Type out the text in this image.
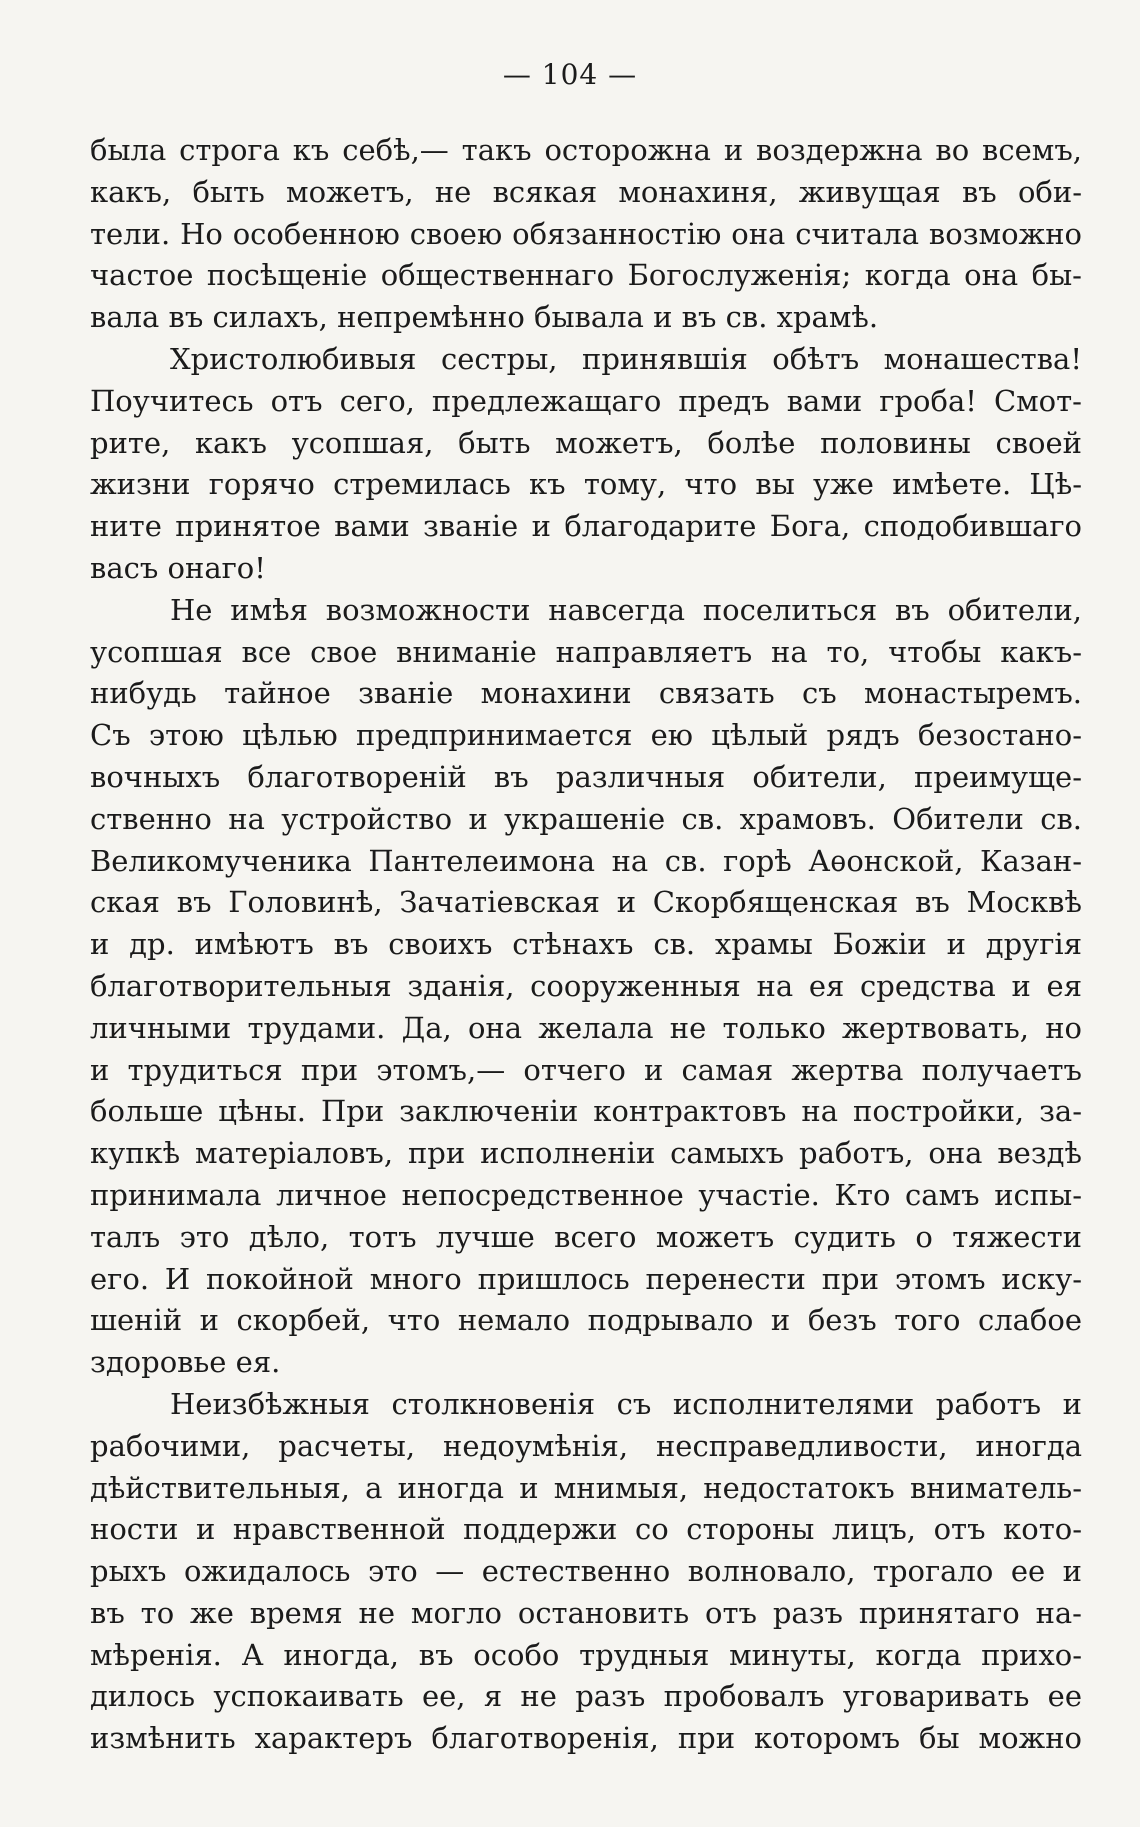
— 104 —
была строга къ себѣ,— такъ осторожна и воздержна во всемъ,
какъ, быть можетъ, не всякая монахиня, живущая въ оби-
тели. Но особенною своею обязанностію она считала возможно
частое посѣщеніе общественнаго Богослуженія; когда она бы-
вала въ силахъ, непремѣнно бывала и въ св. храмѣ.
Христолюбивыя сестры, принявшія обѣтъ монашества!
Поучитесь отъ сего, предлежащаго предъ вами гроба! Смот-
рите, какъ усопшая, быть можетъ, болѣе половины своей
жизни горячо стремилась къ тому, что вы уже имѣете. Цѣ-
ните принятое вами званіе и благодарите Бога, сподобившаго
васъ онаго!
Не имѣя возможности навсегда поселиться въ обители,
усопшая все свое вниманіе направляетъ на то, чтобы какъ-
нибудь тайное званіе монахини связать съ монастыремъ.
Съ этою цѣлью предпринимается ею цѣлый рядъ безостано-
вочныхъ благотвореній въ различныя обители, преимуще-
ственно на устройство и украшеніе св. храмовъ. Обители св.
Великомученика Пантелеимона на св. горѣ Аѳонской, Казан-
ская въ Головинѣ, Зачатіевская и Скорбященская въ Москвѣ
и др. имѣютъ въ своихъ стѣнахъ св. храмы Божіи и другія
благотворительныя зданія, сооруженныя на ея средства и ея
личными трудами. Да, она желала не только жертвовать, но
и трудиться при этомъ,— отчего и самая жертва получаетъ
больше цѣны. При заключеніи контрактовъ на постройки, за-
купкѣ матеріаловъ, при исполненіи самыхъ работъ, она вездѣ
принимала личное непосредственное участіе. Кто самъ испы-
талъ это дѣло, тотъ лучше всего можетъ судить о тяжести
его. И покойной много пришлось перенести при этомъ иску-
шеній и скорбей, что немало подрывало и безъ того слабое
здоровье ея.
Неизбѣжныя столкновенія съ исполнителями работъ и
рабочими, расчеты, недоумѣнія, несправедливости, иногда
дѣйствительныя, а иногда и мнимыя, недостатокъ вниматель-
ности и нравственной поддержи со стороны лицъ, отъ кото-
рыхъ ожидалось это — естественно волновало, трогало ее и
въ то же время не могло остановить отъ разъ принятаго на-
мѣренія. А иногда, въ особо трудныя минуты, когда прихо-
дилось успокаивать ее, я не разъ пробовалъ уговаривать ее
измѣнить характеръ благотворенія, при которомъ бы можно
